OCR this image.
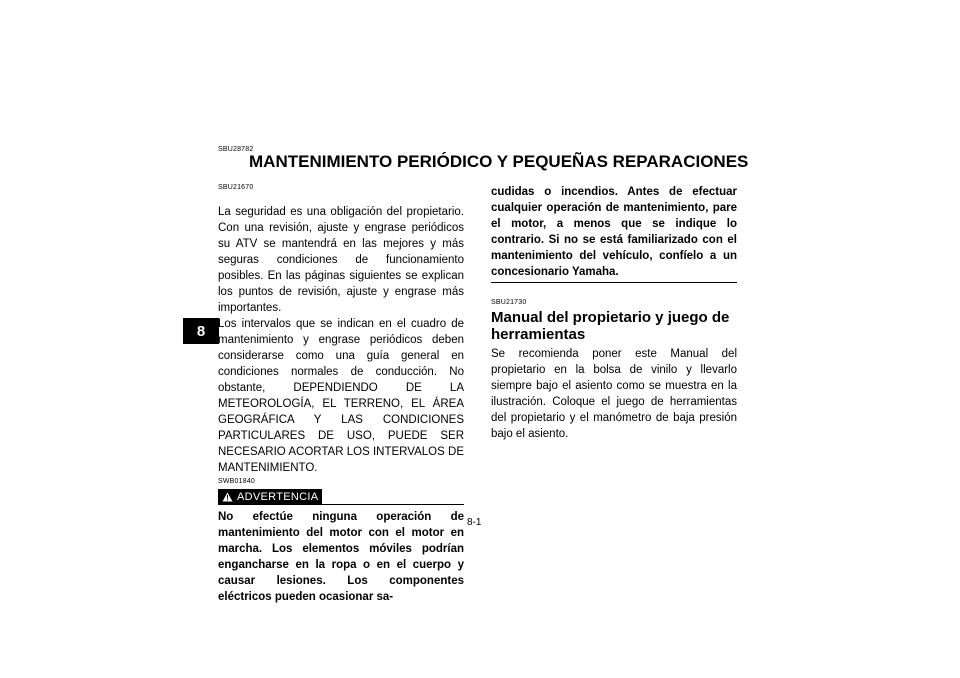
8
SBU28782
MANTENIMIENTO PERIÓDICO Y PEQUEÑAS REPARACIONES
SBU21670

La seguridad es una obligación del propietario. Con una revisión, ajuste y engrase periódicos su ATV se mantendrá en las mejores y más seguras condiciones de funcionamiento posibles. En las páginas siguientes se explican los puntos de revisión, ajuste y engrase más importantes.

Los intervalos que se indican en el cuadro de mantenimiento y engrase periódicos deben considerarse como una guía general en condiciones normales de conducción. No obstante, DEPENDIENDO DE LA METEOROLOGÍA, EL TERRENO, EL ÁREA GEOGRÁFICA Y LAS CONDICIONES PARTICULARES DE USO, PUEDE SER NECESARIO ACORTAR LOS INTERVALOS DE MANTENIMIENTO.

SWB01840
ADVERTENCIA

No efectúe ninguna operación de mantenimiento del motor con el motor en marcha. Los elementos móviles podrían engancharse en la ropa o en el cuerpo y causar lesiones. Los componentes eléctricos pueden ocasionar sa-

cudidas o incendios. Antes de efectuar cualquier operación de mantenimiento, pare el motor, a menos que se indique lo contrario. Si no se está familiarizado con el mantenimiento del vehículo, confíelo a un concesionario Yamaha.

SBU21730
Manual del propietario y juego de herramientas

Se recomienda poner este Manual del propietario en la bolsa de vinilo y llevarlo siempre bajo el asiento como se muestra en la ilustración. Coloque el juego de herramientas del propietario y el manómetro de baja presión bajo el asiento.

8-1
